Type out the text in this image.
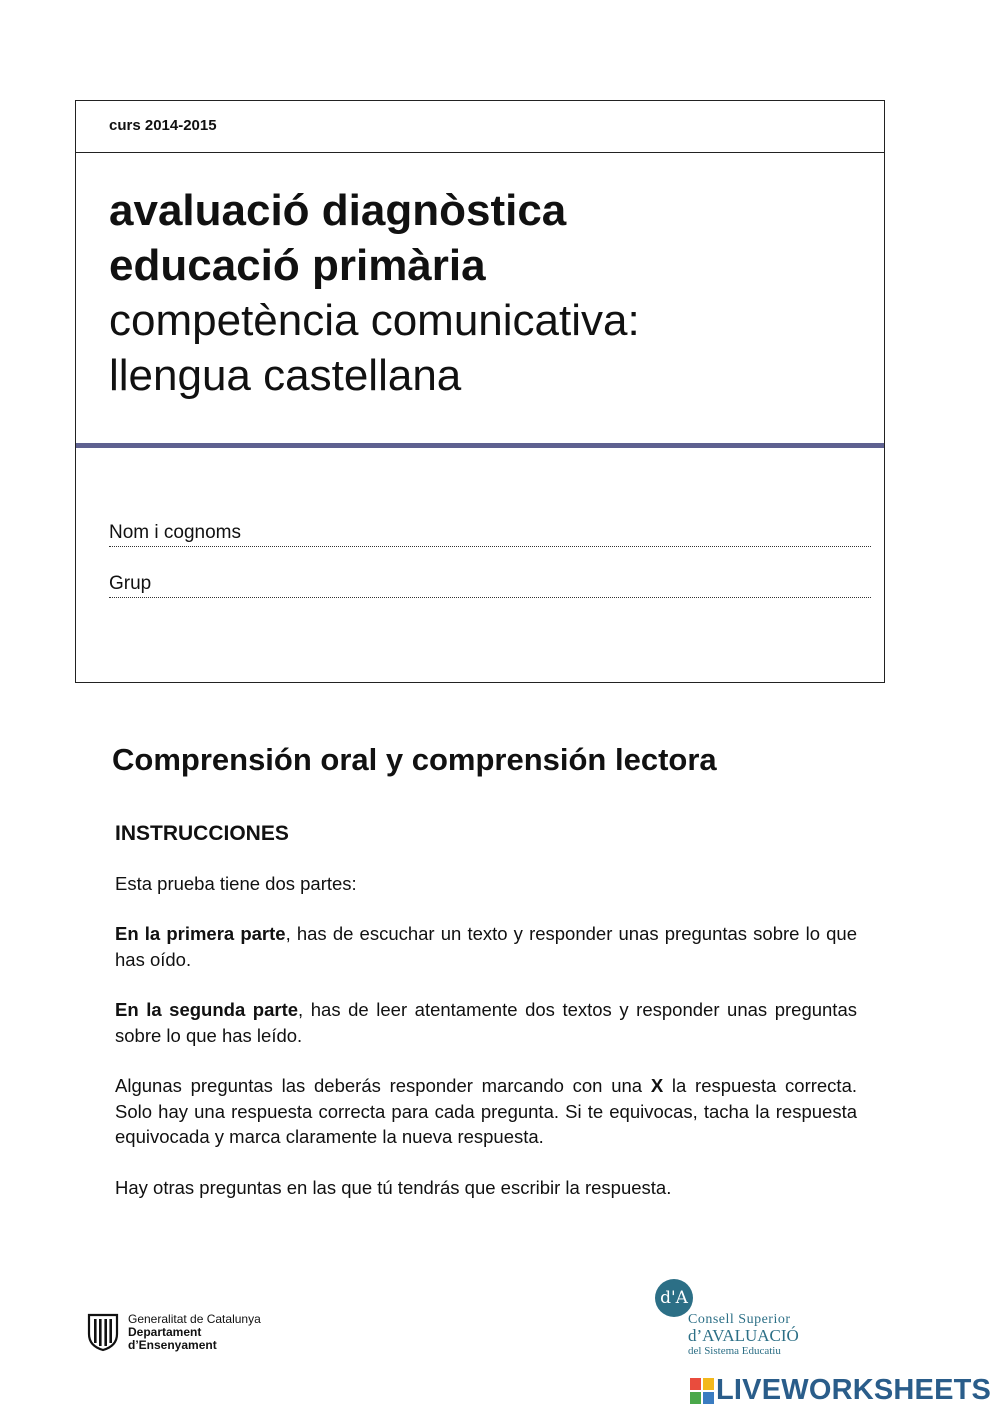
curs 2014-2015
avaluació diagnòstica
educació primària
competència comunicativa:
llengua castellana
Nom i cognoms
Grup
Comprensión oral y comprensión lectora
INSTRUCCIONES

Esta prueba tiene dos partes:

En la primera parte, has de escuchar un texto y responder unas preguntas sobre lo que has oído.

En la segunda parte, has de leer atentamente dos textos y responder unas preguntas sobre lo que has leído.

Algunas preguntas las deberás responder marcando con una X la respuesta correcta. Solo hay una respuesta correcta para cada pregunta. Si te equivocas, tacha la respuesta equivocada y marca claramente la nueva respuesta.

Hay otras preguntas en las que tú tendrás que escribir la respuesta.

Generalitat de Catalunya
Departament
d’Ensenyament
d'A
Consell Superior
d’AVALUACIÓ
del Sistema Educatiu
LIVEWORKSHEETS
